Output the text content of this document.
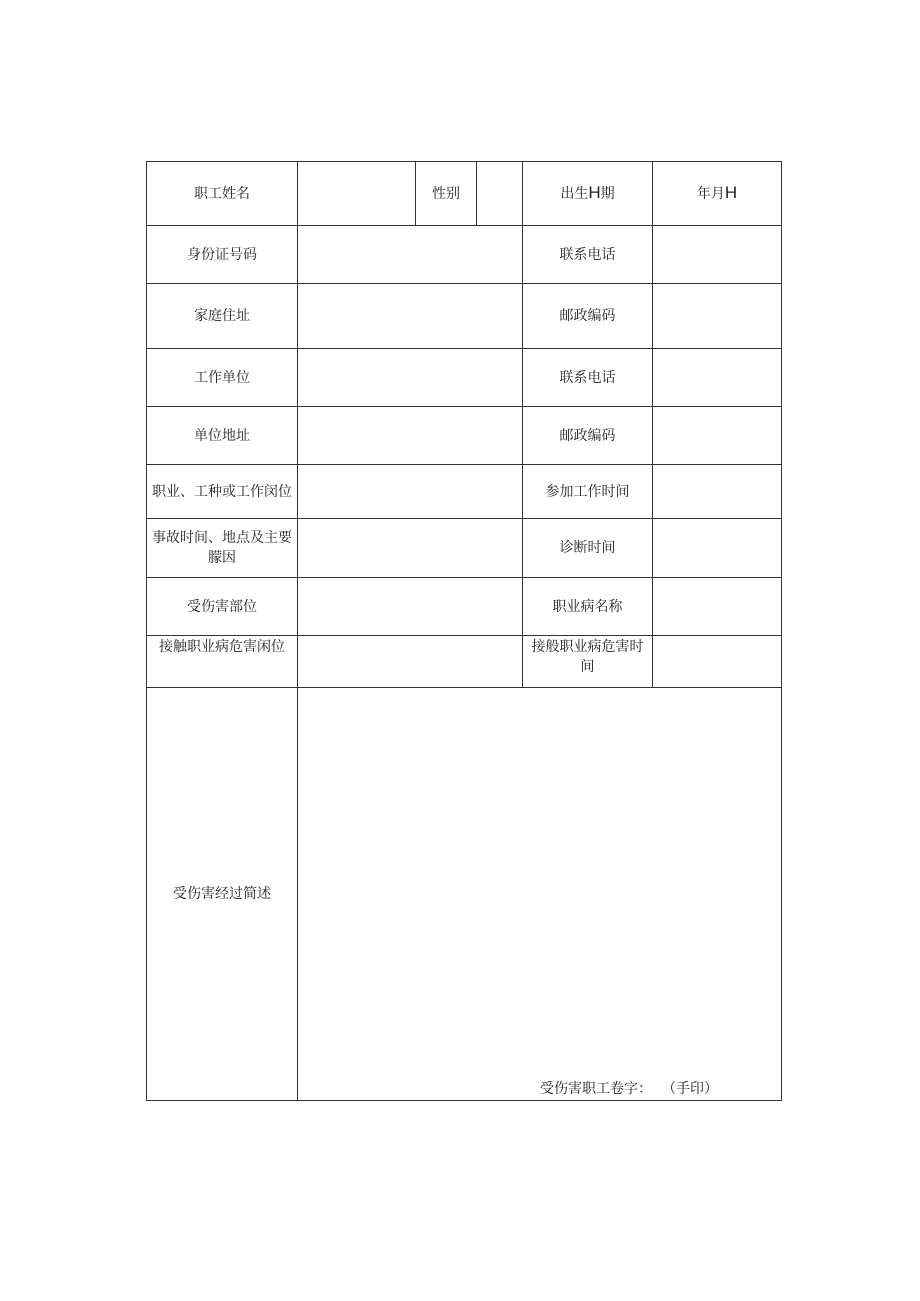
职工姓名		性别		出生H期	年月H
身份证号码				联系电话	
家庭住址				邮政编码	
工作单位				联系电话	
单位地址				邮政编码	
职业、工种或工作闵位				参加工作时间	
事故时间、地点及主要朦因				诊断时间	
受伤害部位				职业病名称	
接触职业病危害闲位				接般职业病危害时间	
受伤害经过简述	受伤害职工卷字： （手印）				
